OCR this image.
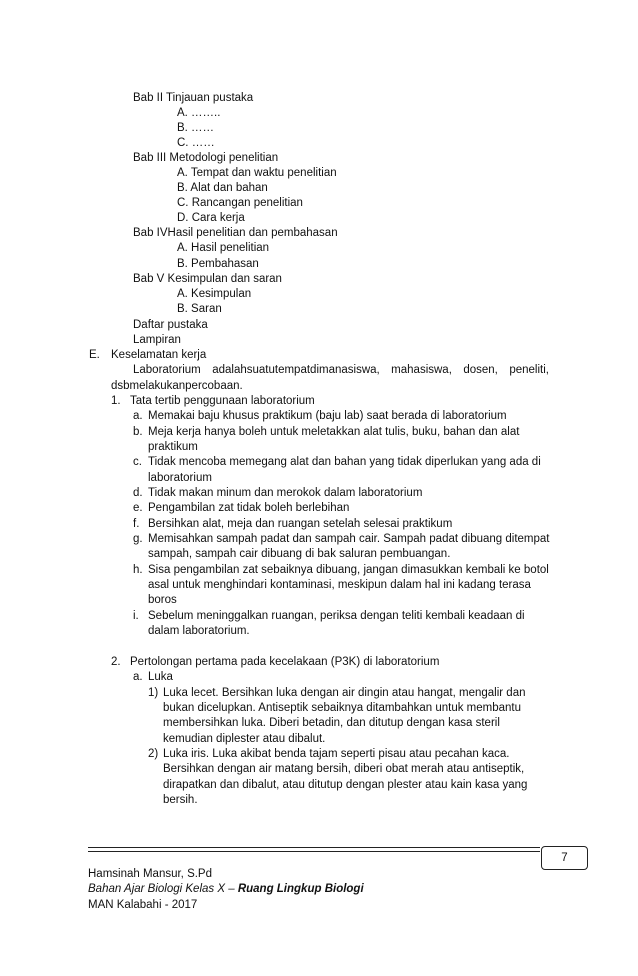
Bab II Tinjauan pustaka
A. ……..
B. ……
C. ……
Bab III Metodologi penelitian
A. Tempat dan waktu penelitian
B. Alat dan bahan
C. Rancangan penelitian
D. Cara kerja
Bab IVHasil penelitian dan pembahasan
A. Hasil penelitian
B. Pembahasan
Bab V Kesimpulan dan saran
A. Kesimpulan
B. Saran
Daftar pustaka
Lampiran
E. Keselamatan kerja
Laboratorium adalahsuatutempatdimanasiswa, mahasiswa, dosen, peneliti,
dsbmelakukanpercobaan.
1. Tata tertib penggunaan laboratorium
a. Memakai baju khusus praktikum (baju lab) saat berada di laboratorium
b. Meja kerja hanya boleh untuk meletakkan alat tulis, buku, bahan dan alat
praktikum
c. Tidak mencoba memegang alat dan bahan yang tidak diperlukan yang ada di
laboratorium
d. Tidak makan minum dan merokok dalam laboratorium
e. Pengambilan zat tidak boleh berlebihan
f. Bersihkan alat, meja dan ruangan setelah selesai praktikum
g. Memisahkan sampah padat dan sampah cair. Sampah padat dibuang ditempat
sampah, sampah cair dibuang di bak saluran pembuangan.
h. Sisa pengambilan zat sebaiknya dibuang, jangan dimasukkan kembali ke botol
asal untuk menghindari kontaminasi, meskipun dalam hal ini kadang terasa
boros
i. Sebelum meninggalkan ruangan, periksa dengan teliti kembali keadaan di
dalam laboratorium.
2. Pertolongan pertama pada kecelakaan (P3K) di laboratorium
a. Luka
1) Luka lecet. Bersihkan luka dengan air dingin atau hangat, mengalir dan
bukan dicelupkan. Antiseptik sebaiknya ditambahkan untuk membantu
membersihkan luka. Diberi betadin, dan ditutup dengan kasa steril
kemudian diplester atau dibalut.
2) Luka iris. Luka akibat benda tajam seperti pisau atau pecahan kaca.
Bersihkan dengan air matang bersih, diberi obat merah atau antiseptik,
dirapatkan dan dibalut, atau ditutup dengan plester atau kain kasa yang
bersih.
7
Hamsinah Mansur, S.Pd
Bahan Ajar Biologi Kelas X – Ruang Lingkup Biologi
MAN Kalabahi - 2017
